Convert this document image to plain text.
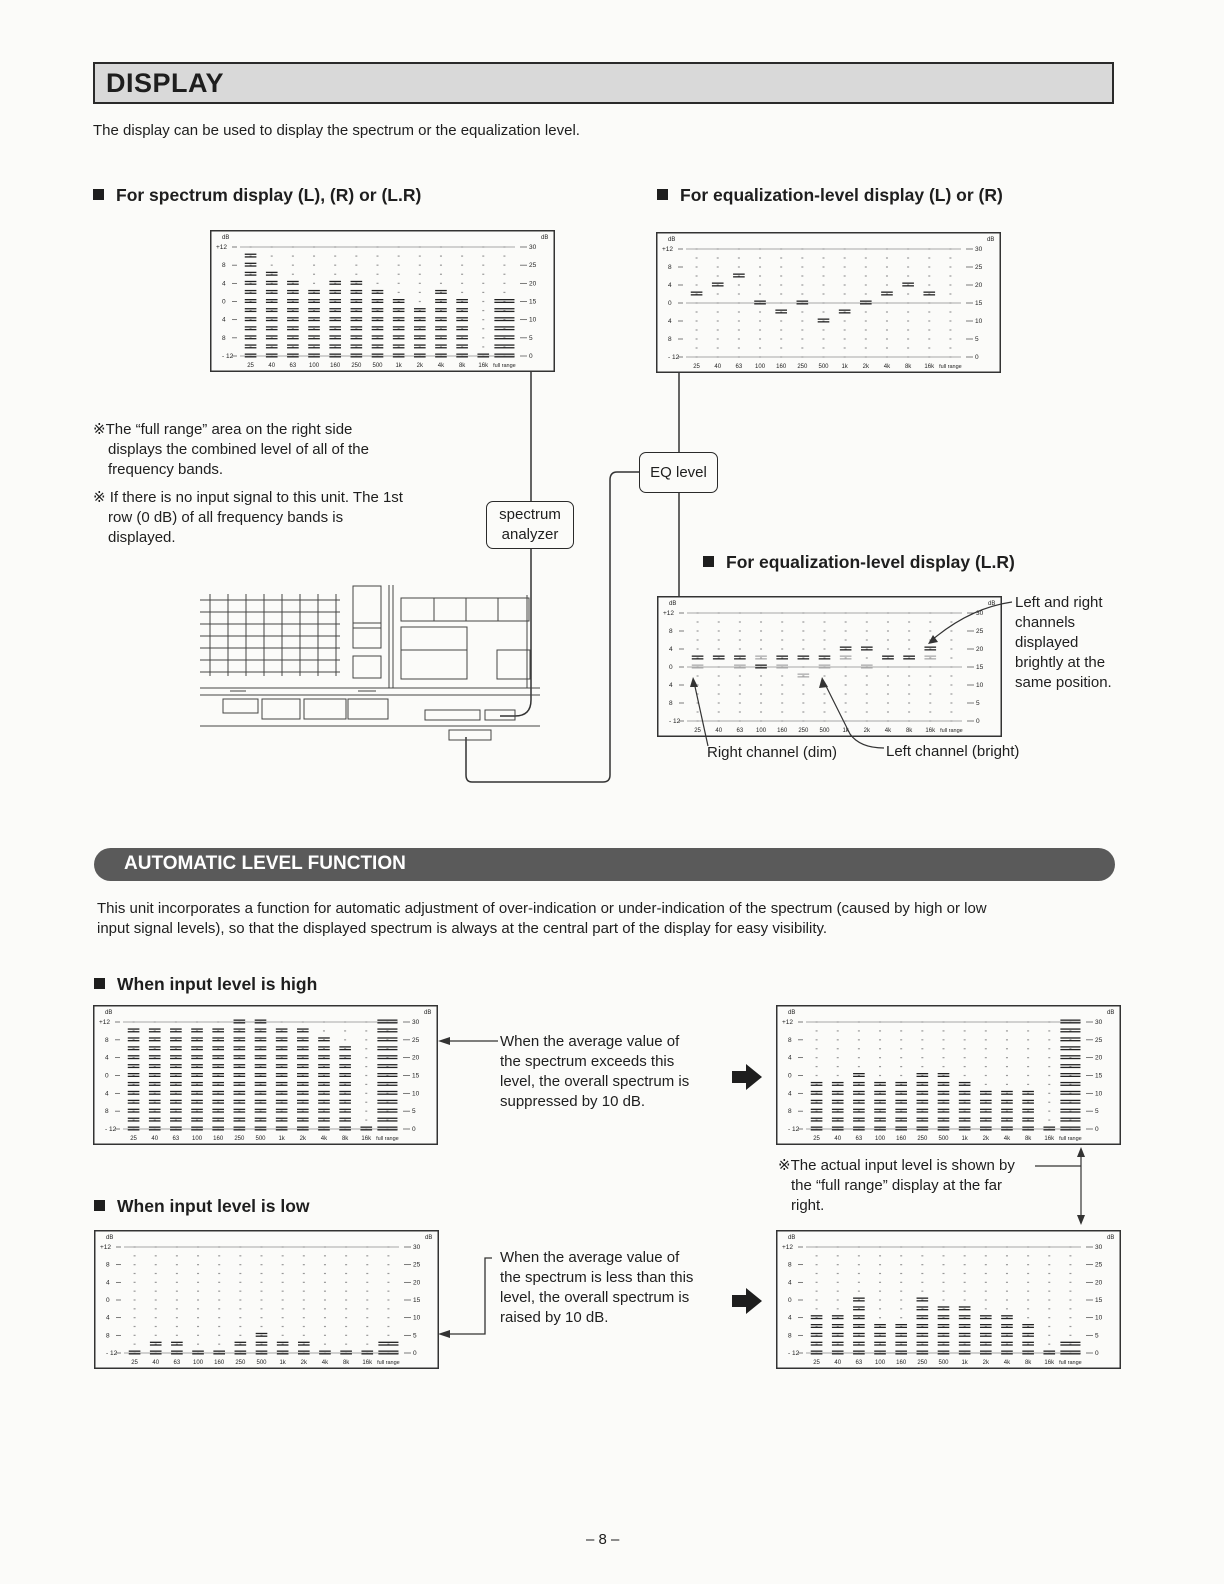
DISPLAY
The display can be used to display the spectrum or the equalization level.
For spectrum display (L), (R) or (L.R)	For equalization-level display (L) or (R)
dB	dB
+12
8
4
0
4
8
- 12
30
25
20
15
10
5
0
25 40 63 100 160 250 500 1k 2k 4k 8k 16k full range
dB	dB
+12
8
4
0
4
8
- 12
30
25
20
15
10
5
0
25 40 63 100 160 250 500 1k 2k 4k 8k 16k full range
dB	dB
+12
8
4
0
4
8
- 12
30
25
20
15
10
5
0
25 40 63 100 160 250 500 1k 2k 4k 8k 16k full range
※The “full range” area on the right side
displays the combined level of all of the
frequency bands.
※ If there is no input signal to this unit. The 1st
row (0 dB) of all frequency bands is
displayed.
spectrum
analyzer
EQ level
For equalization-level display (L.R)
Left and right
channels
displayed
brightly at the
same position.
Right channel (dim)	Left channel (bright)
AUTOMATIC LEVEL FUNCTION
This unit incorporates a function for automatic adjustment of over-indication or under-indication of the spectrum (caused by high or low
input signal levels), so that the displayed spectrum is always at the central part of the display for easy visibility.
When input level is high
When input level is low
dB	dB
+12
8
4
0
4
8
- 12
30
25
20
15
10
5
0
25 40 63 100 160 250 500 1k 2k 4k 8k 16k full range
dB	dB
+12
8
4
0
4
8
- 12
30
25
20
15
10
5
0
25 40 63 100 160 250 500 1k 2k 4k 8k 16k full range
dB	dB
+12
8
4
0
4
8
- 12
30
25
20
15
10
5
0
25 40 63 100 160 250 500 1k 2k 4k 8k 16k full range
dB	dB
+12
8
4
0
4
8
- 12
30
25
20
15
10
5
0
25 40 63 100 160 250 500 1k 2k 4k 8k 16k full range
When the average value of
the spectrum exceeds this
level, the overall spectrum is
suppressed by 10 dB.
When the average value of
the spectrum is less than this
level, the overall spectrum is
raised by 10 dB.
※The actual input level is shown by
the “full range” display at the far
right.
– 8 –
